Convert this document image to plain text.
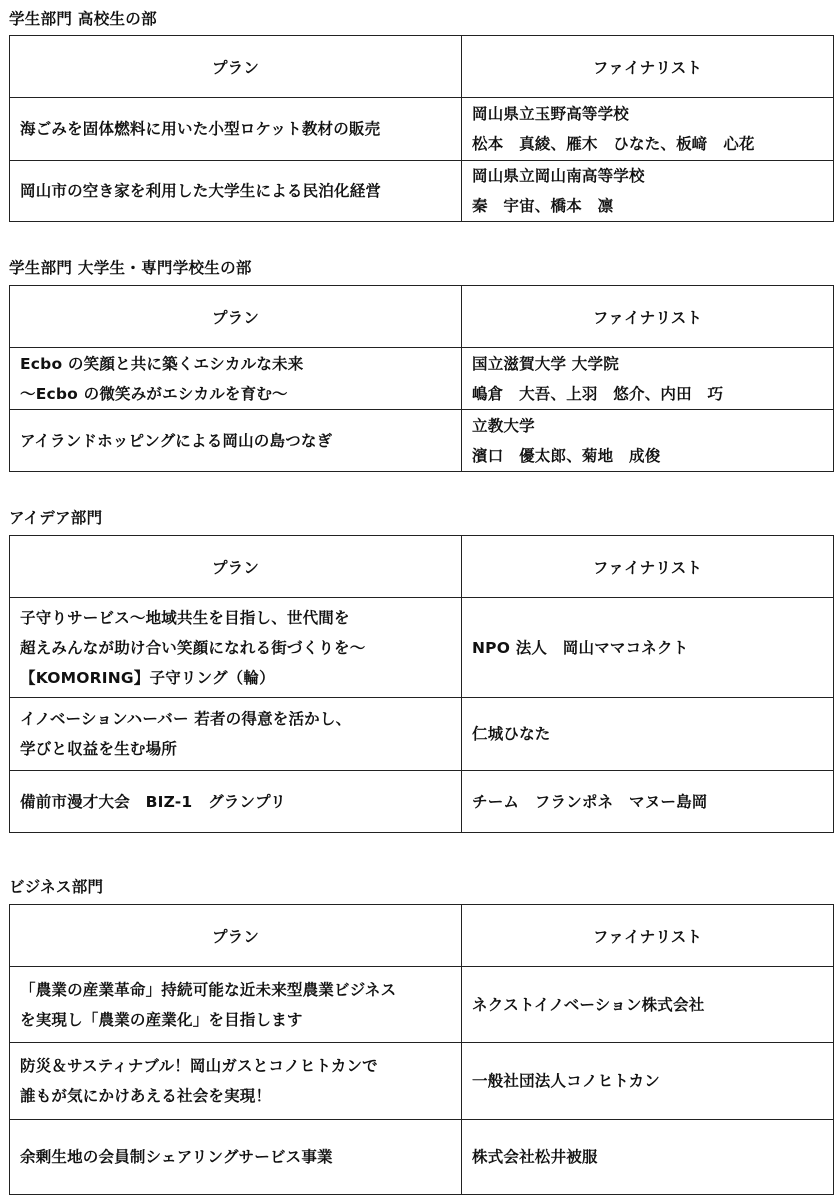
学生部門 高校生の部
プラン	ファイナリスト

海ごみを固体燃料に用いた小型ロケット教材の販売	岡山県立玉野高等学校
松本　真綾、雁木　ひなた、板﨑　心花

岡山市の空き家を利用した大学生による民泊化経営	岡山県立岡山南高等学校
秦　宇宙、橋本　凛
学生部門 大学生・専門学校生の部
プラン	ファイナリスト

Ecbo の笑顔と共に築くエシカルな未来
～Ecbo の微笑みがエシカルを育む～	国立滋賀大学 大学院
嶋倉　大吾、上羽　悠介、内田　巧

アイランドホッピングによる岡山の島つなぎ	立教大学
濱口　優太郎、菊地　成俊
アイデア部門
プラン	ファイナリスト

子守りサービス～地域共生を目指し、世代間を
超えみんなが助け合い笑顔になれる街づくりを～
【KOMORING】子守リング（輪）	NPO 法人　岡山ママコネクト

イノベーションハーバー 若者の得意を活かし、
学びと収益を生む場所	仁城ひなた

備前市漫才大会　BIZ-1　グランプリ	チーム　フランポネ　マヌー島岡
ビジネス部門
プラン	ファイナリスト

「農業の産業革命」持続可能な近未来型農業ビジネス
を実現し「農業の産業化」を目指します	ネクストイノベーション株式会社

防災＆サスティナブル！岡山ガスとコノヒトカンで
誰もが気にかけあえる社会を実現！	一般社団法人コノヒトカン

余剰生地の会員制シェアリングサービス事業	株式会社松井被服
